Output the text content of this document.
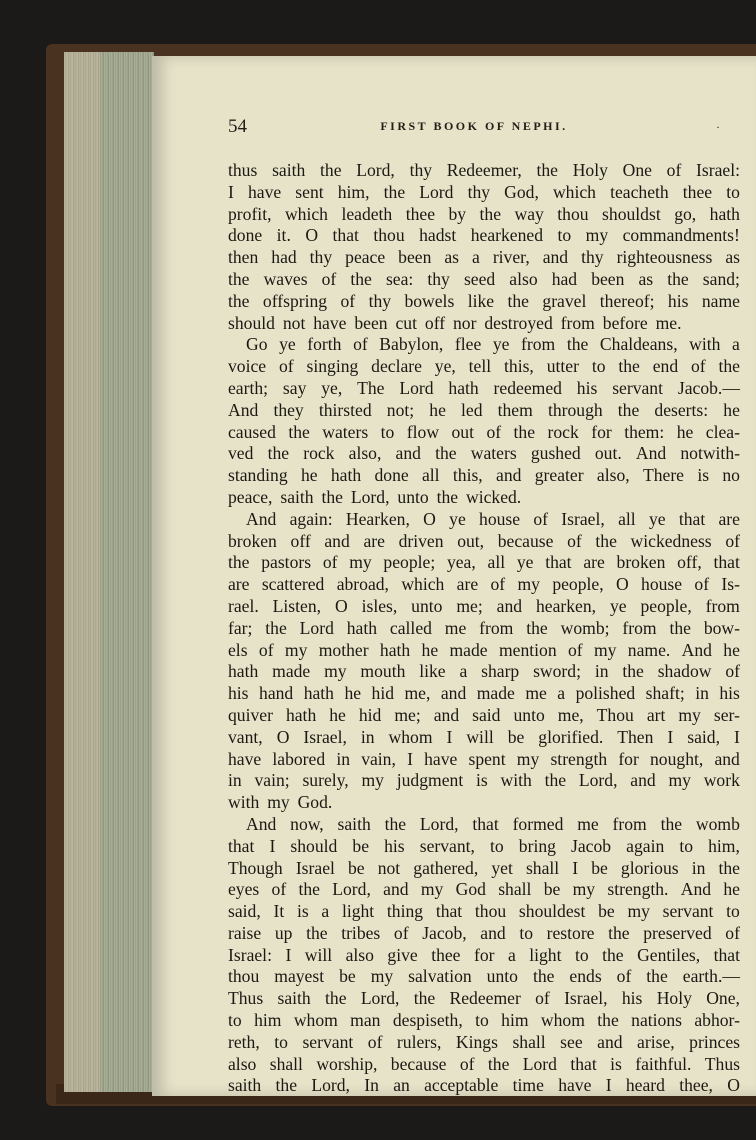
54	FIRST BOOK OF NEPHI.	·
thus saith the Lord, thy Redeemer, the Holy One of Israel:
I have sent him, the Lord thy God, which teacheth thee to
profit, which leadeth thee by the way thou shouldst go, hath
done it. O that thou hadst hearkened to my commandments!
then had thy peace been as a river, and thy righteousness as
the waves of the sea: thy seed also had been as the sand;
the offspring of thy bowels like the gravel thereof; his name
should not have been cut off nor destroyed from before me.
Go ye forth of Babylon, flee ye from the Chaldeans, with a
voice of singing declare ye, tell this, utter to the end of the
earth; say ye, The Lord hath redeemed his servant Jacob.—
And they thirsted not; he led them through the deserts: he
caused the waters to flow out of the rock for them: he clea-
ved the rock also, and the waters gushed out. And notwith-
standing he hath done all this, and greater also, There is no
peace, saith the Lord, unto the wicked.
And again: Hearken, O ye house of Israel, all ye that are
broken off and are driven out, because of the wickedness of
the pastors of my people; yea, all ye that are broken off, that
are scattered abroad, which are of my people, O house of Is-
rael. Listen, O isles, unto me; and hearken, ye people, from
far; the Lord hath called me from the womb; from the bow-
els of my mother hath he made mention of my name. And he
hath made my mouth like a sharp sword; in the shadow of
his hand hath he hid me, and made me a polished shaft; in his
quiver hath he hid me; and said unto me, Thou art my ser-
vant, O Israel, in whom I will be glorified. Then I said, I
have labored in vain, I have spent my strength for nought, and
in vain; surely, my judgment is with the Lord, and my work
with my God.
And now, saith the Lord, that formed me from the womb
that I should be his servant, to bring Jacob again to him,
Though Israel be not gathered, yet shall I be glorious in the
eyes of the Lord, and my God shall be my strength. And he
said, It is a light thing that thou shouldest be my servant to
raise up the tribes of Jacob, and to restore the preserved of
Israel: I will also give thee for a light to the Gentiles, that
thou mayest be my salvation unto the ends of the earth.—
Thus saith the Lord, the Redeemer of Israel, his Holy One,
to him whom man despiseth, to him whom the nations abhor-
reth, to servant of rulers, Kings shall see and arise, princes
also shall worship, because of the Lord that is faithful. Thus
saith the Lord, In an acceptable time have I heard thee, O
